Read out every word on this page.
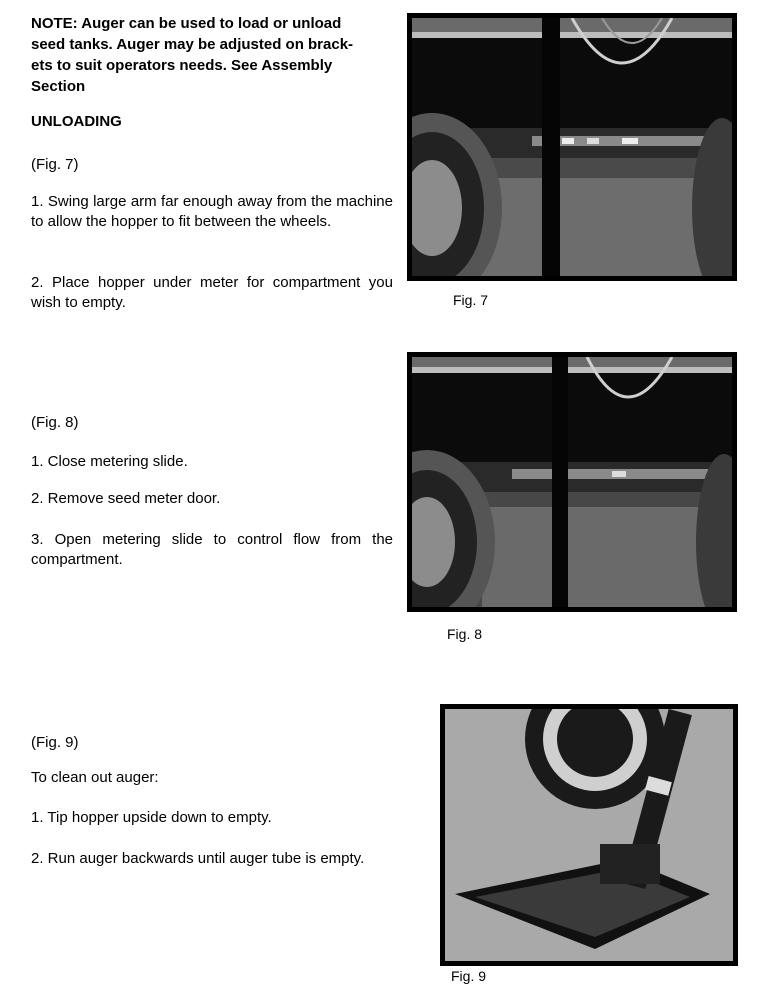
NOTE: Auger can be used to load or unload
seed tanks. Auger may be adjusted on brack-
ets to suit operators needs. See Assembly
Section
UNLOADING
(Fig. 7)
1. Swing large arm far enough away from the machine to allow the hopper to fit between the wheels.
2. Place hopper under meter for compartment you wish to empty.
(Fig. 8)
1. Close metering slide.
2. Remove seed meter door.
3. Open metering slide to control flow from the compartment.
(Fig. 9)
To clean out auger:
1. Tip hopper upside down to empty.
2. Run auger backwards until auger tube is empty.
Fig. 7
Fig. 8
Fig. 9
